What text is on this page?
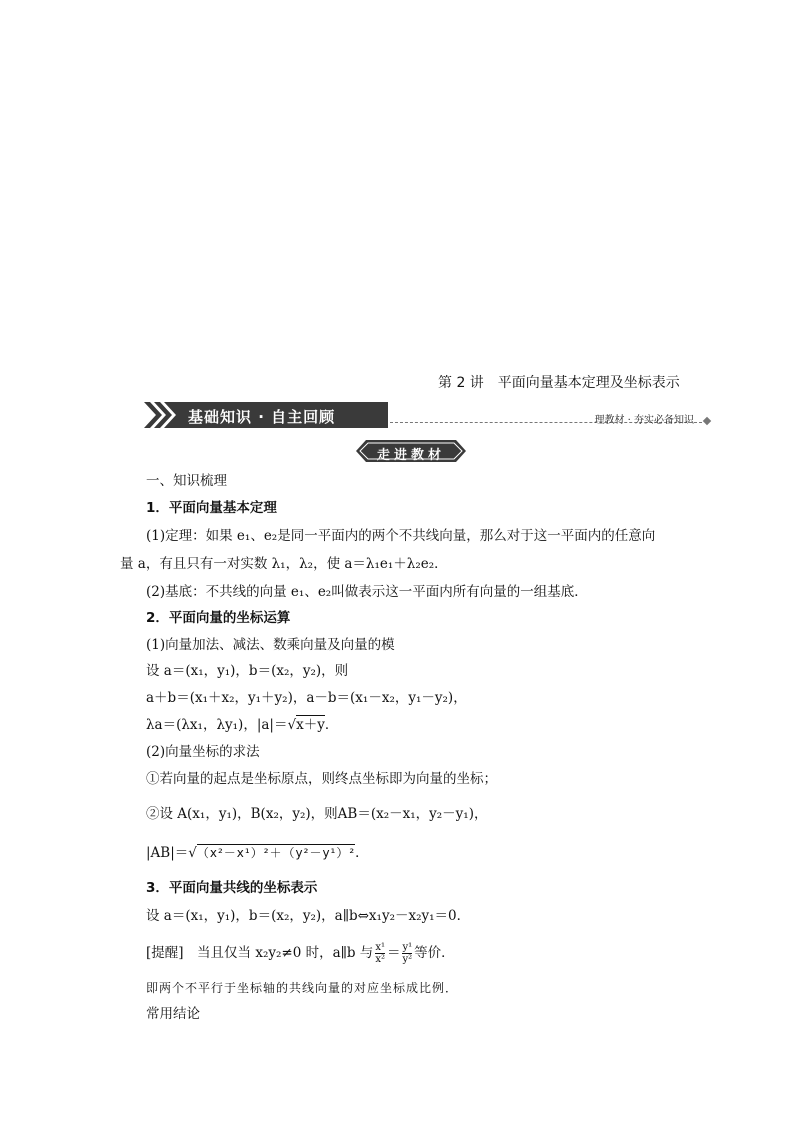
第 2 讲　平面向量基本定理及坐标表示
基础知识 · 自主回顾	理教材 · 夯实必备知识
走进教材
一、知识梳理
1．平面向量基本定理
(1)定理：如果 e₁、e₂是同一平面内的两个不共线向量，那么对于这一平面内的任意向
量 a，有且只有一对实数 λ₁，λ₂，使 a＝λ₁e₁＋λ₂e₂．
(2)基底：不共线的向量 e₁、e₂叫做表示这一平面内所有向量的一组基底．
2．平面向量的坐标运算
(1)向量加法、减法、数乘向量及向量的模
设 a＝(x₁，y₁)，b＝(x₂，y₂)，则
a＋b＝(x₁＋x₂，y₁＋y₂)，a－b＝(x₁－x₂，y₁－y₂)，
λa＝(λx₁，λy₁)，|a|＝√x＋y．
(2)向量坐标的求法
①若向量的起点是坐标原点，则终点坐标即为向量的坐标；
②设 A(x₁，y₁)，B(x₂，y₂)，则AB＝(x₂－x₁，y₂－y₁)，
|AB|＝√（x²－x¹）²＋（y²－y¹）²．
3．平面向量共线的坐标表示
设 a＝(x₁，y₁)，b＝(x₂，y₂)，a∥b⇔x₁y₂－x₂y₁＝0．
[提醒]　当且仅当 x₂y₂≠0 时，a∥b 与 $\frac{\text{x¹}}{\text{x²}} = \frac{\text{y¹}}{\text{y²}}$ 等价．
即两个不平行于坐标轴的共线向量的对应坐标成比例．
常用结论
